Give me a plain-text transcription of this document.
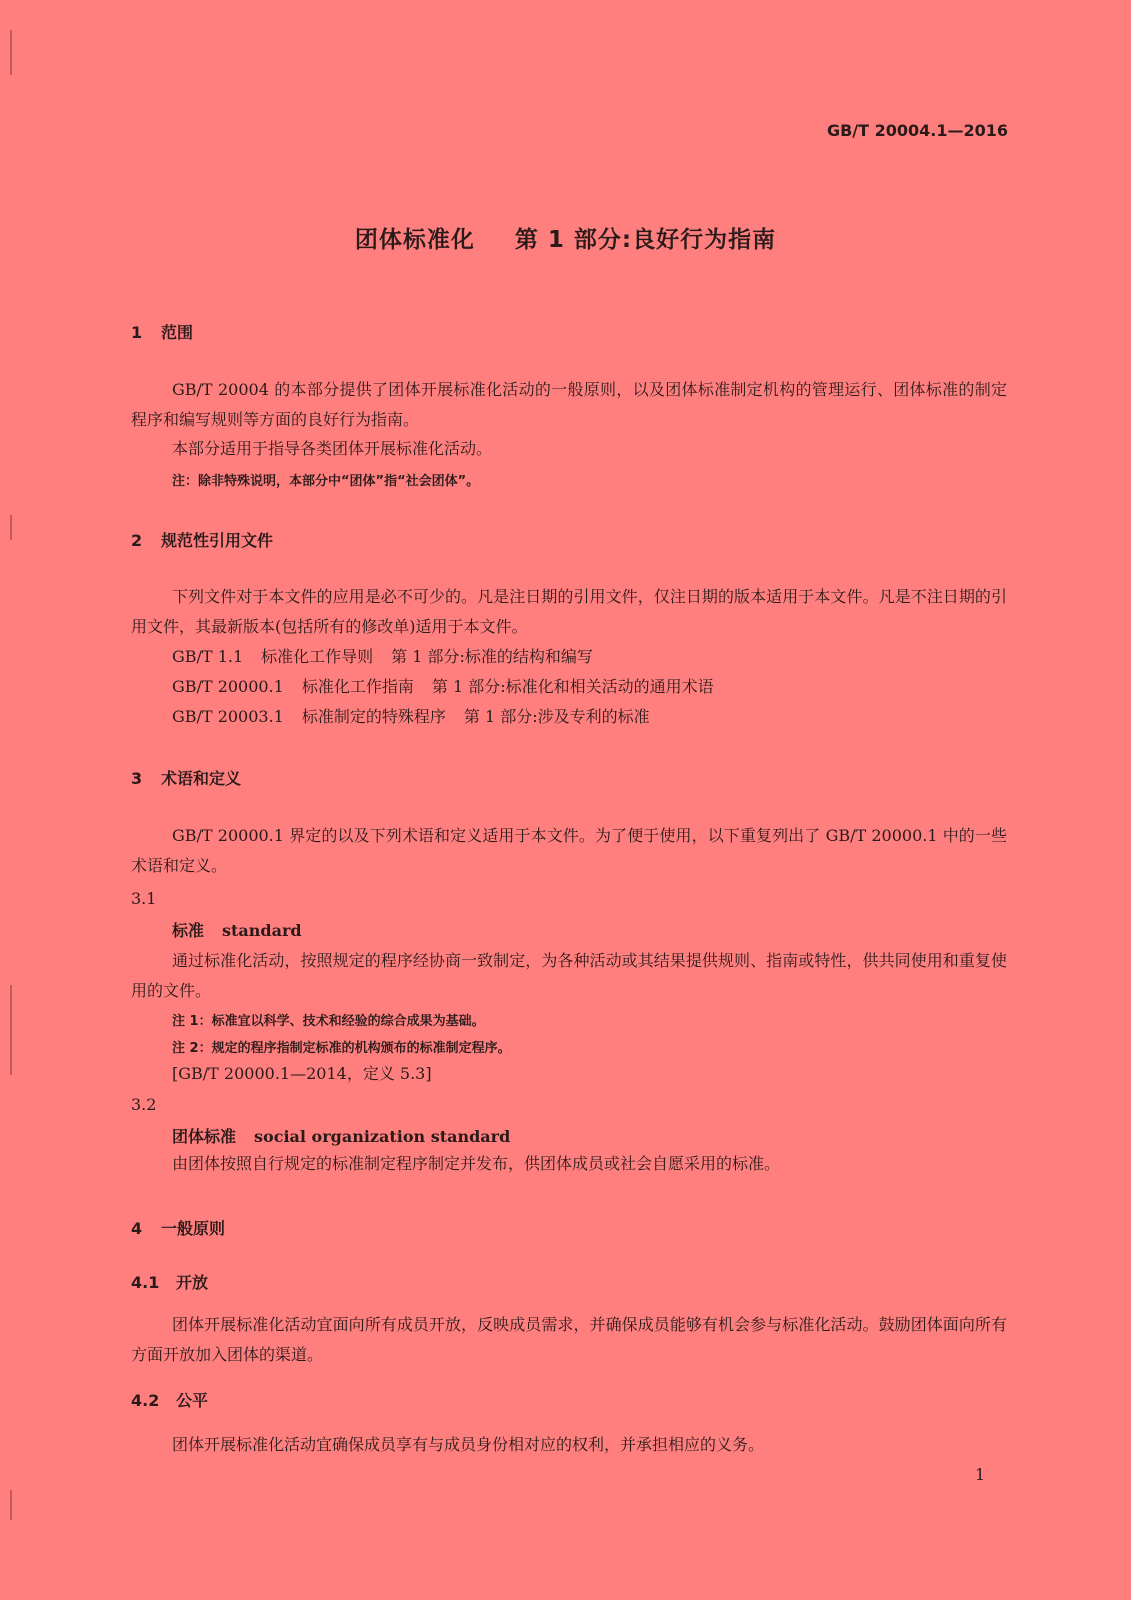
GB/T 20004.1—2016
团体标准化 第 1 部分:良好行为指南
1 范围
GB/T 20004 的本部分提供了团体开展标准化活动的一般原则，以及团体标准制定机构的管理运行、团体标准的制定程序和编写规则等方面的良好行为指南。
本部分适用于指导各类团体开展标准化活动。
注：除非特殊说明，本部分中“团体”指“社会团体”。
2 规范性引用文件
下列文件对于本文件的应用是必不可少的。凡是注日期的引用文件，仅注日期的版本适用于本文件。凡是不注日期的引用文件，其最新版本(包括所有的修改单)适用于本文件。
GB/T 1.1 标准化工作导则 第 1 部分:标准的结构和编写
GB/T 20000.1 标准化工作指南 第 1 部分:标准化和相关活动的通用术语
GB/T 20003.1 标准制定的特殊程序 第 1 部分:涉及专利的标准
3 术语和定义
GB/T 20000.1 界定的以及下列术语和定义适用于本文件。为了便于使用，以下重复列出了 GB/T 20000.1 中的一些术语和定义。
3.1
标准 standard
通过标准化活动，按照规定的程序经协商一致制定，为各种活动或其结果提供规则、指南或特性，供共同使用和重复使用的文件。
注 1：标准宜以科学、技术和经验的综合成果为基础。
注 2：规定的程序指制定标准的机构颁布的标准制定程序。
[GB/T 20000.1—2014，定义 5.3]
3.2
团体标准 social organization standard
由团体按照自行规定的标准制定程序制定并发布，供团体成员或社会自愿采用的标准。
4 一般原则
4.1 开放
团体开展标准化活动宜面向所有成员开放，反映成员需求，并确保成员能够有机会参与标准化活动。鼓励团体面向所有方面开放加入团体的渠道。
4.2 公平
团体开展标准化活动宜确保成员享有与成员身份相对应的权利，并承担相应的义务。
1
